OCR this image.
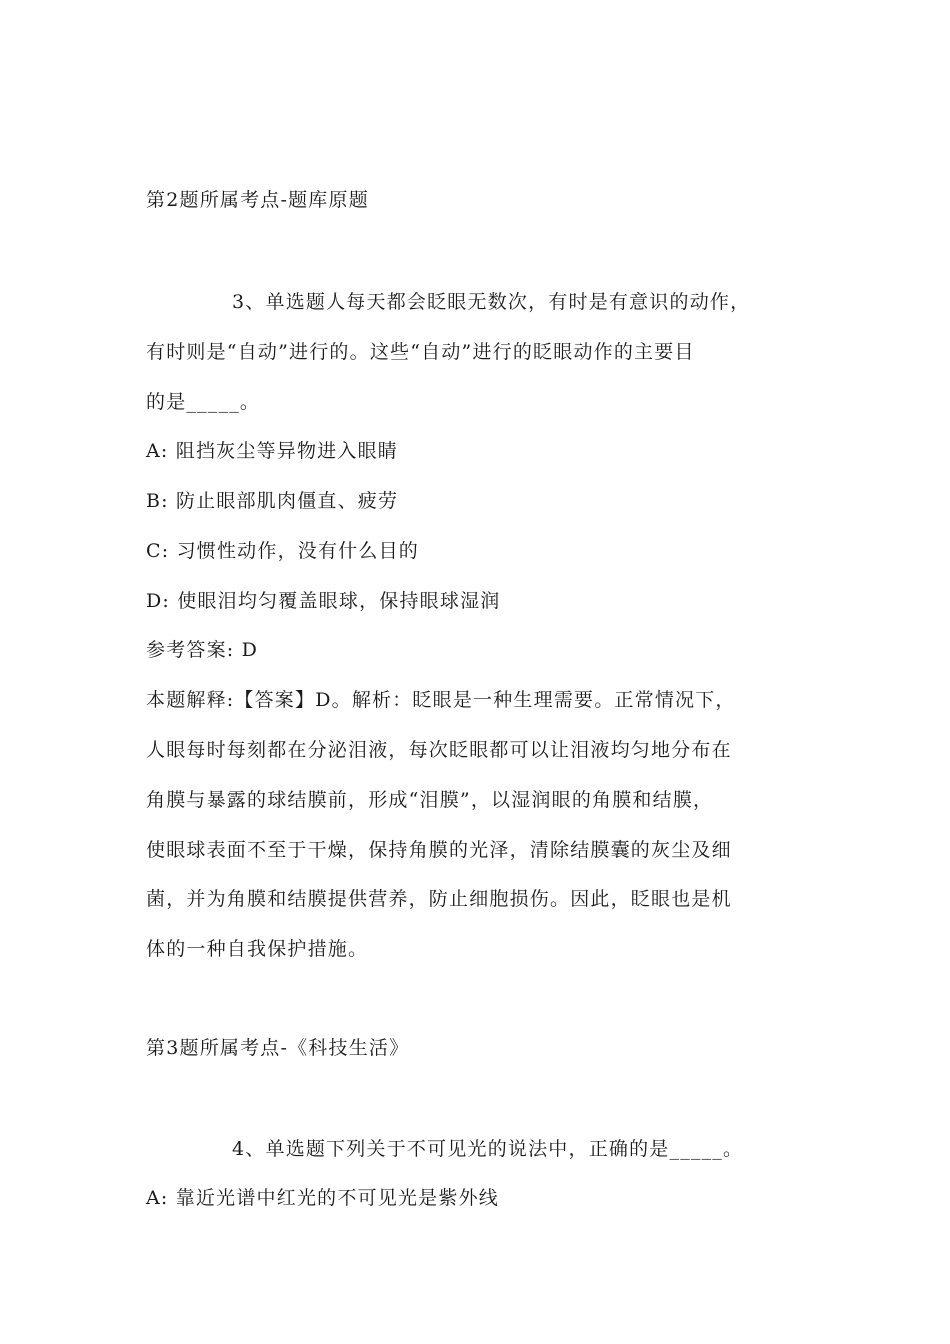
第2题所属考点-题库原题
3、单选题人每天都会眨眼无数次，有时是有意识的动作，
有时则是“自动”进行的。这些“自动”进行的眨眼动作的主要目
的是_____。
A: 阻挡灰尘等异物进入眼睛
B: 防止眼部肌肉僵直、疲劳
C: 习惯性动作，没有什么目的
D: 使眼泪均匀覆盖眼球，保持眼球湿润
参考答案: D
本题解释:【答案】D。解析：眨眼是一种生理需要。正常情况下，
人眼每时每刻都在分泌泪液，每次眨眼都可以让泪液均匀地分布在
角膜与暴露的球结膜前，形成“泪膜”，以湿润眼的角膜和结膜，
使眼球表面不至于干燥，保持角膜的光泽，清除结膜囊的灰尘及细
菌，并为角膜和结膜提供营养，防止细胞损伤。因此，眨眼也是机
体的一种自我保护措施。
第3题所属考点-《科技生活》
4、单选题下列关于不可见光的说法中，正确的是_____。
A: 靠近光谱中红光的不可见光是紫外线
